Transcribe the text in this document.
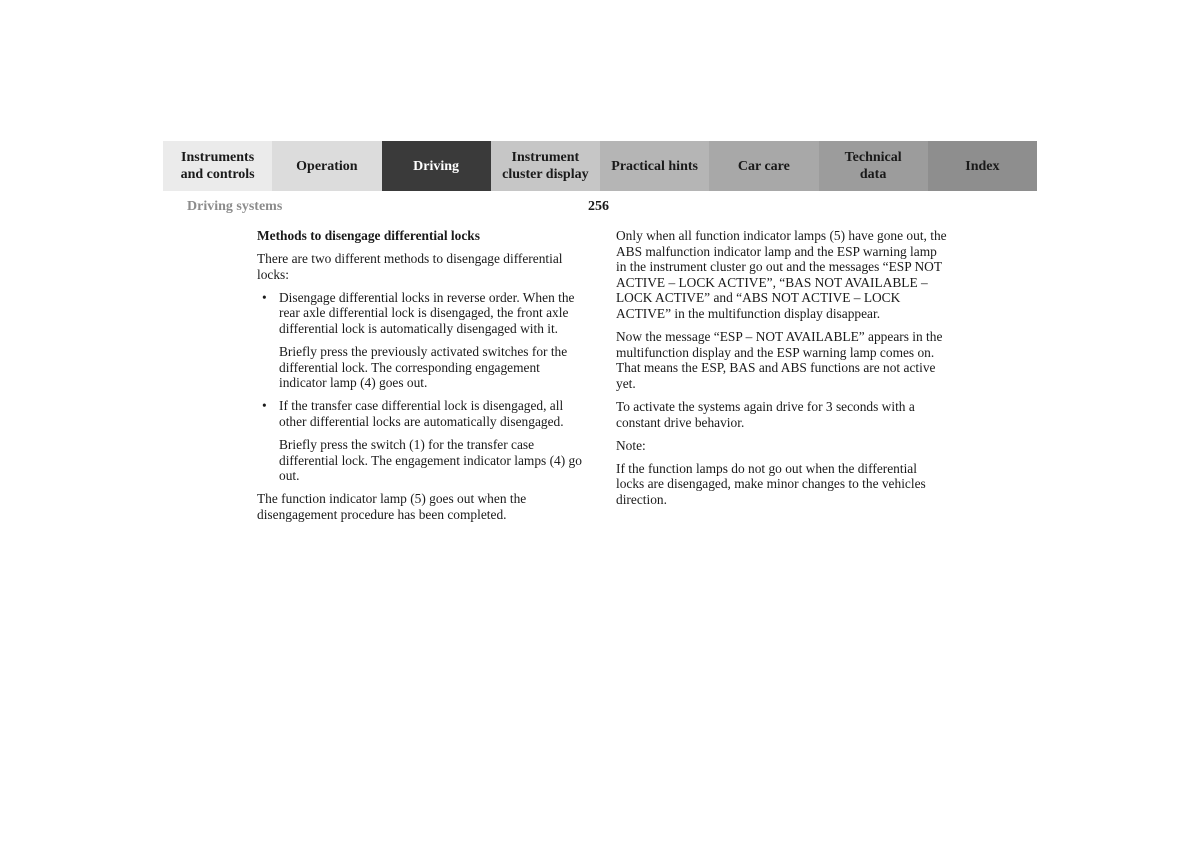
Instruments
and controls
Operation	Driving
Instrument
cluster display
Practical hints	Car care
Technical
data
Index
Driving systems	256
Methods to disengage differential locks

There are two different methods to disengage differential locks:

• Disengage differential locks in reverse order. When the rear axle differential lock is disengaged, the front axle differential lock is automatically disengaged with it.
Briefly press the previously activated switches for the differential lock. The corresponding engagement indicator lamp (4) goes out.
• If the transfer case differential lock is disengaged, all other differential locks are automatically disengaged.
Briefly press the switch (1) for the transfer case differential lock. The engagement indicator lamps (4) go out.

The function indicator lamp (5) goes out when the disengagement procedure has been completed.

Only when all function indicator lamps (5) have gone out, the ABS malfunction indicator lamp and the ESP warning lamp in the instrument cluster go out and the messages “ESP NOT ACTIVE – LOCK ACTIVE”, “BAS NOT AVAILABLE – LOCK ACTIVE” and “ABS NOT ACTIVE – LOCK ACTIVE” in the multifunction display disappear.

Now the message “ESP – NOT AVAILABLE” appears in the multifunction display and the ESP warning lamp comes on. That means the ESP, BAS and ABS functions are not active yet.

To activate the systems again drive for 3 seconds with a constant drive behavior.

Note:

If the function lamps do not go out when the differential locks are disengaged, make minor changes to the vehicles direction.
